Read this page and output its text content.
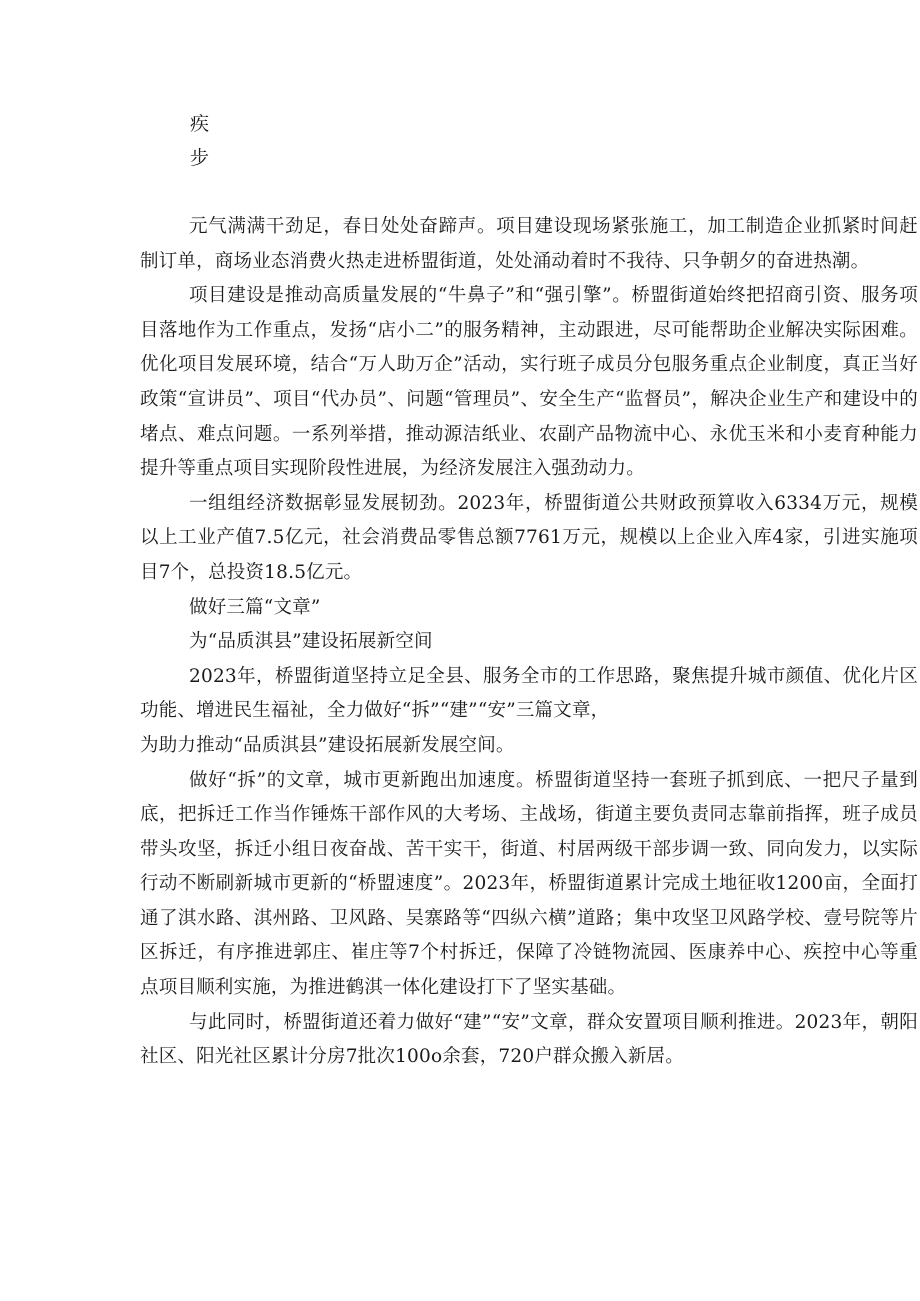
疾
步

元气满满干劲足，春日处处奋蹄声。项目建设现场紧张施工，加工制造企业抓紧时间赶制订单，商场业态消费火热走进桥盟街道，处处涌动着时不我待、只争朝夕的奋进热潮。

项目建设是推动高质量发展的“牛鼻子”和“强引擎”。桥盟街道始终把招商引资、服务项目落地作为工作重点，发扬“店小二”的服务精神，主动跟进，尽可能帮助企业解决实际困难。优化项目发展环境，结合“万人助万企”活动，实行班子成员分包服务重点企业制度，真正当好政策“宣讲员”、项目“代办员”、问题“管理员”、安全生产“监督员”，解决企业生产和建设中的堵点、难点问题。一系列举措，推动源洁纸业、农副产品物流中心、永优玉米和小麦育种能力提升等重点项目实现阶段性进展，为经济发展注入强劲动力。

一组组经济数据彰显发展韧劲。2023年，桥盟街道公共财政预算收入6334万元，规模以上工业产值7.5亿元，社会消费品零售总额7761万元，规模以上企业入库4家，引进实施项目7个，总投资18.5亿元。

做好三篇“文章”

为“品质淇县”建设拓展新空间

2023年，桥盟街道坚持立足全县、服务全市的工作思路，聚焦提升城市颜值、优化片区功能、增进民生福祉，全力做好“拆”“建”“安”三篇文章，
为助力推动“品质淇县”建设拓展新发展空间。

做好“拆”的文章，城市更新跑出加速度。桥盟街道坚持一套班子抓到底、一把尺子量到底，把拆迁工作当作锤炼干部作风的大考场、主战场，街道主要负责同志靠前指挥，班子成员带头攻坚，拆迁小组日夜奋战、苦干实干，街道、村居两级干部步调一致、同向发力，以实际行动不断刷新城市更新的“桥盟速度”。2023年，桥盟街道累计完成土地征收1200亩，全面打通了淇水路、淇州路、卫风路、吴寨路等“四纵六横”道路；集中攻坚卫风路学校、壹号院等片区拆迁，有序推进郭庄、崔庄等7个村拆迁，保障了冷链物流园、医康养中心、疾控中心等重点项目顺利实施，为推进鹤淇一体化建设打下了坚实基础。

与此同时，桥盟街道还着力做好“建”“安”文章，群众安置项目顺利推进。2023年，朝阳社区、阳光社区累计分房7批次100o余套，720户群众搬入新居。
